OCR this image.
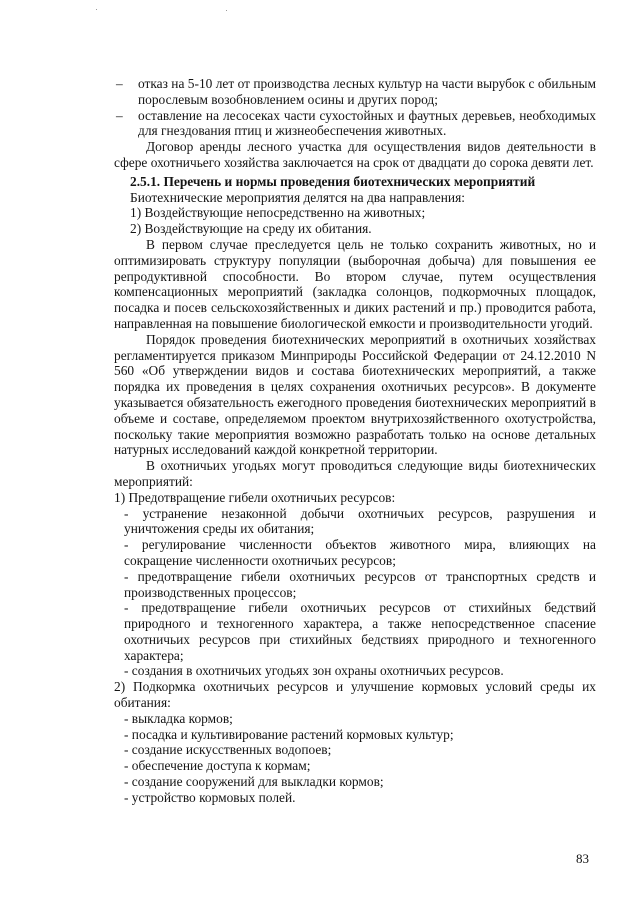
–	отказ на 5-10 лет от производства лесных культур на части вырубок с обильным порослевым возобновлением осины и других пород;
–	оставление на лесосеках части сухостойных и фаутных деревьев, необходимых для гнездования птиц и жизнеобеспечения животных.

Договор аренды лесного участка для осуществления видов деятельности в сфере охотничьего хозяйства заключается на срок от двадцати до сорока девяти лет.

2.5.1. Перечень и нормы проведения биотехнических мероприятий

Биотехнические мероприятия делятся на два направления:

1) Воздействующие непосредственно на животных;

2) Воздействующие на среду их обитания.

В первом случае преследуется цель не только сохранить животных, но и оптимизировать структуру популяции (выборочная добыча) для повышения ее репродуктивной способности. Во втором случае, путем осуществления компенсационных мероприятий (закладка солонцов, подкормочных площадок, посадка и посев сельскохозяйственных и диких растений и пр.) проводится работа, направленная на повышение биологической емкости и производительности угодий.

Порядок проведения биотехнических мероприятий в охотничьих хозяйствах регламентируется приказом Минприроды Российской Федерации от 24.12.2010 N 560 «Об утверждении видов и состава биотехнических мероприятий, а также порядка их проведения в целях сохранения охотничьих ресурсов». В документе указывается обязательность ежегодного проведения биотехнических мероприятий в объеме и составе, определяемом проектом внутрихозяйственного охотустройства, поскольку такие мероприятия возможно разработать только на основе детальных натурных исследований каждой конкретной территории.

В охотничьих угодьях могут проводиться следующие виды биотехнических мероприятий:

1) Предотвращение гибели охотничьих ресурсов:

- устранение незаконной добычи охотничьих ресурсов, разрушения и уничтожения среды их обитания;

- регулирование численности объектов животного мира, влияющих на сокращение численности охотничьих ресурсов;

- предотвращение гибели охотничьих ресурсов от транспортных средств и производственных процессов;

- предотвращение гибели охотничьих ресурсов от стихийных бедствий природного и техногенного характера, а также непосредственное спасение охотничьих ресурсов при стихийных бедствиях природного и техногенного характера;

- создания в охотничьих угодьях зон охраны охотничьих ресурсов.

2) Подкормка охотничьих ресурсов и улучшение кормовых условий среды их обитания:

- выкладка кормов;

- посадка и культивирование растений кормовых культур;

- создание искусственных водопоев;

- обеспечение доступа к кормам;

- создание сооружений для выкладки кормов;

- устройство кормовых полей.

83
